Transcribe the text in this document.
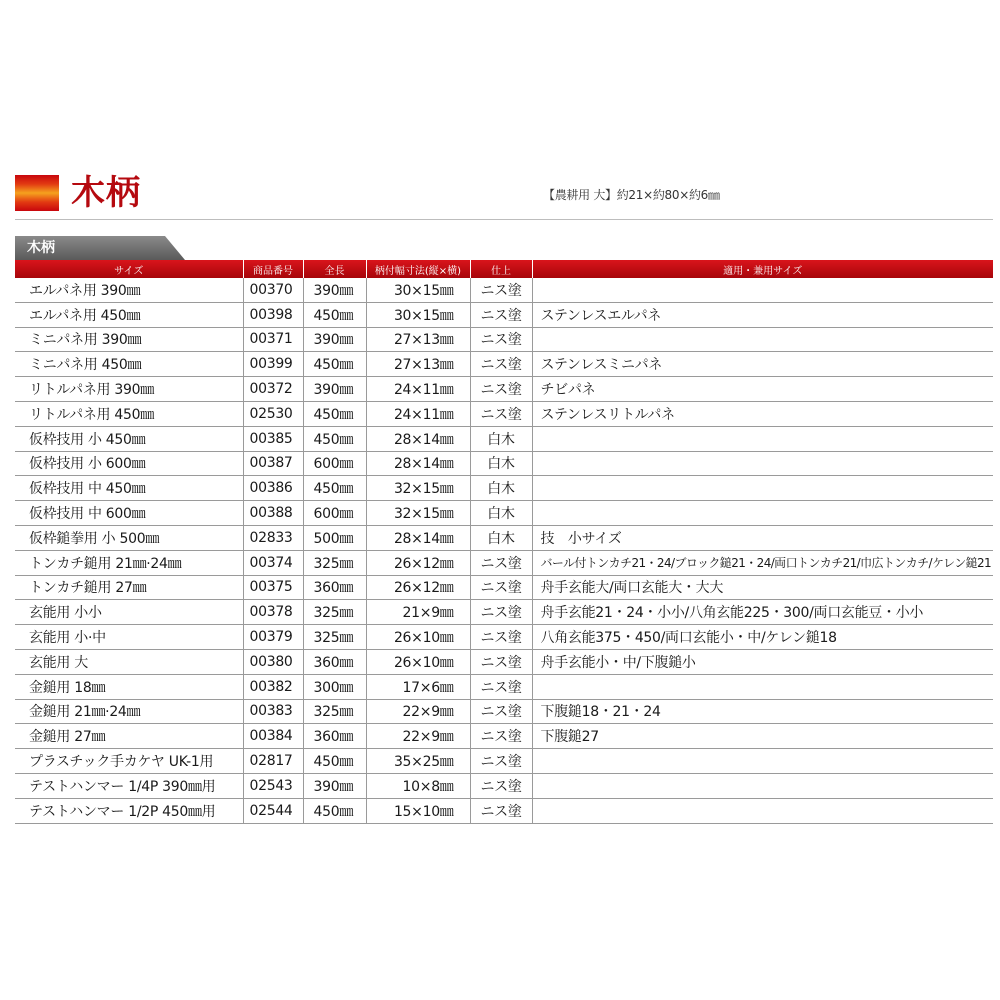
木柄	【農耕用 大】約21×約80×約6㎜
木柄
サイズ	商品番号	全長	柄付幅寸法(縦×横)	仕上	適用・兼用サイズ
エルパネ用 390㎜	00370	390㎜	30×15㎜	ニス塗	
エルパネ用 450㎜	00398	450㎜	30×15㎜	ニス塗	ステンレスエルパネ
ミニパネ用 390㎜	00371	390㎜	27×13㎜	ニス塗	
ミニパネ用 450㎜	00399	450㎜	27×13㎜	ニス塗	ステンレスミニパネ
リトルパネ用 390㎜	00372	390㎜	24×11㎜	ニス塗	チビパネ
リトルパネ用 450㎜	02530	450㎜	24×11㎜	ニス塗	ステンレスリトルパネ
仮枠技用 小 450㎜	00385	450㎜	28×14㎜	白木	
仮枠技用 小 600㎜	00387	600㎜	28×14㎜	白木	
仮枠技用 中 450㎜	00386	450㎜	32×15㎜	白木	
仮枠技用 中 600㎜	00388	600㎜	32×15㎜	白木	
仮枠鎚拳用 小 500㎜	02833	500㎜	28×14㎜	白木	技　小サイズ
トンカチ鎚用 21㎜·24㎜	00374	325㎜	26×12㎜	ニス塗	バール付トンカチ21・24/ブロック鎚21・24/両口トンカチ21/巾広トンカチ/ケレン鎚21
トンカチ鎚用 27㎜	00375	360㎜	26×12㎜	ニス塗	舟手玄能大/両口玄能大・大大
玄能用 小小	00378	325㎜	21×9㎜	ニス塗	舟手玄能21・24・小小/八角玄能225・300/両口玄能豆・小小
玄能用 小·中	00379	325㎜	26×10㎜	ニス塗	八角玄能375・450/両口玄能小・中/ケレン鎚18
玄能用 大	00380	360㎜	26×10㎜	ニス塗	舟手玄能小・中/下腹鎚小
金鎚用 18㎜	00382	300㎜	17×6㎜	ニス塗	
金鎚用 21㎜·24㎜	00383	325㎜	22×9㎜	ニス塗	下腹鎚18・21・24
金鎚用 27㎜	00384	360㎜	22×9㎜	ニス塗	下腹鎚27
プラスチック手カケヤ UK-1用	02817	450㎜	35×25㎜	ニス塗	
テストハンマー 1/4P 390㎜用	02543	390㎜	10×8㎜	ニス塗	
テストハンマー 1/2P 450㎜用	02544	450㎜	15×10㎜	ニス塗	
